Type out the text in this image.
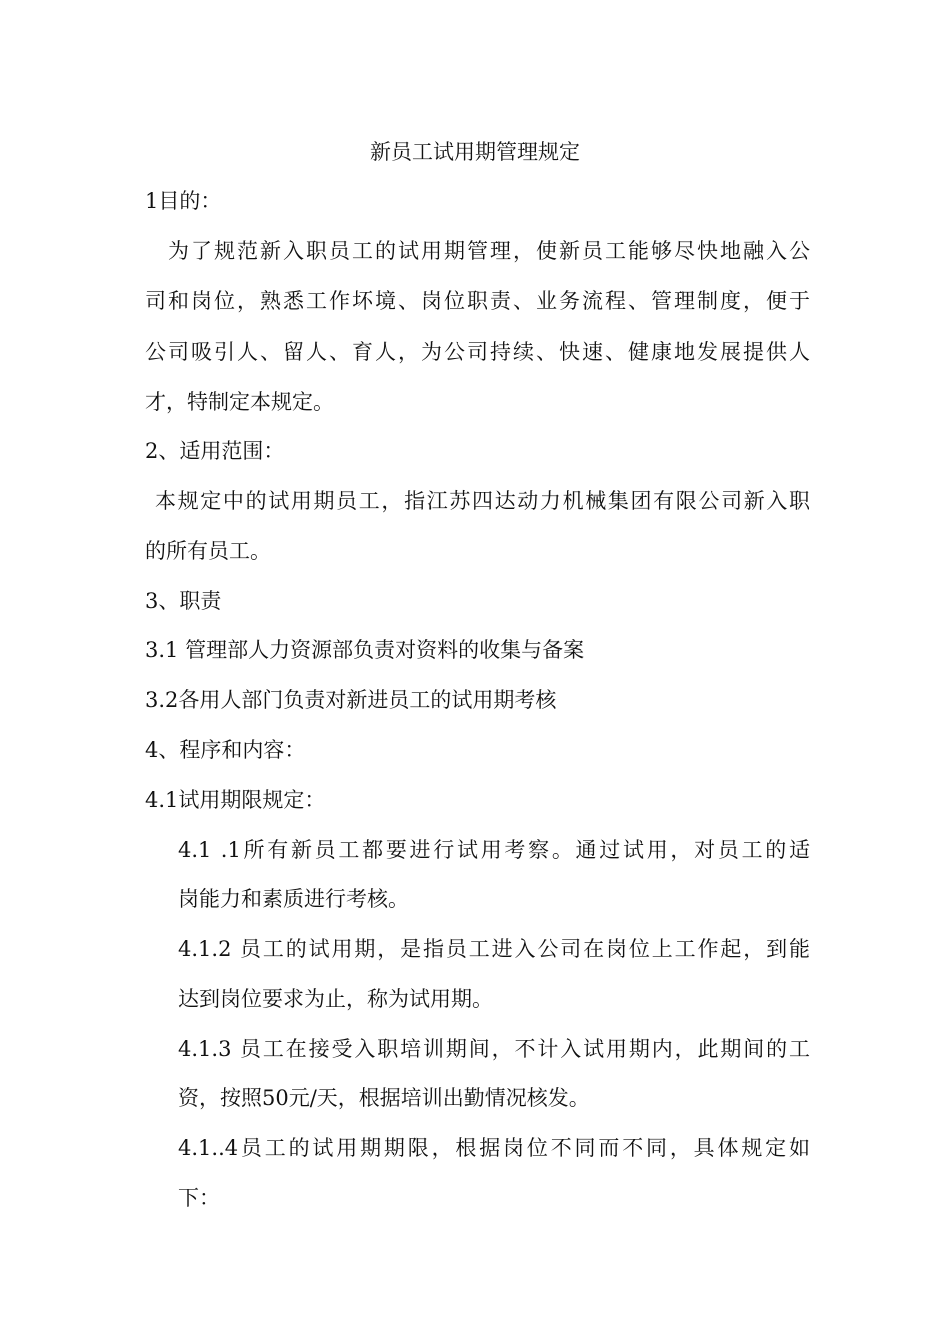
新员工试用期管理规定
1目的：
为了规范新入职员工的试用期管理，使新员工能够尽快地融入公
司和岗位，熟悉工作坏境、岗位职责、业务流程、管理制度，便于
公司吸引人、留人、育人，为公司持续、快速、健康地发展提供人
才，特制定本规定。
2、适用范围：
本规定中的试用期员工，指江苏四达动力机械集团有限公司新入职
的所有员工。
3、职责
3.1 管理部人力资源部负责对资料的收集与备案
3.2各用人部门负责对新进员工的试用期考核
4、程序和内容：
4.1试用期限规定：
4.1 .1所有新员工都要进行试用考察。通过试用，对员工的适
岗能力和素质进行考核。
4.1.2 员工的试用期，是指员工进入公司在岗位上工作起，到能
达到岗位要求为止，称为试用期。
4.1.3 员工在接受入职培训期间，不计入试用期内，此期间的工
资，按照50元/天，根据培训出勤情况核发。
4.1..4员工的试用期期限，根据岗位不同而不同，具体规定如
下：
